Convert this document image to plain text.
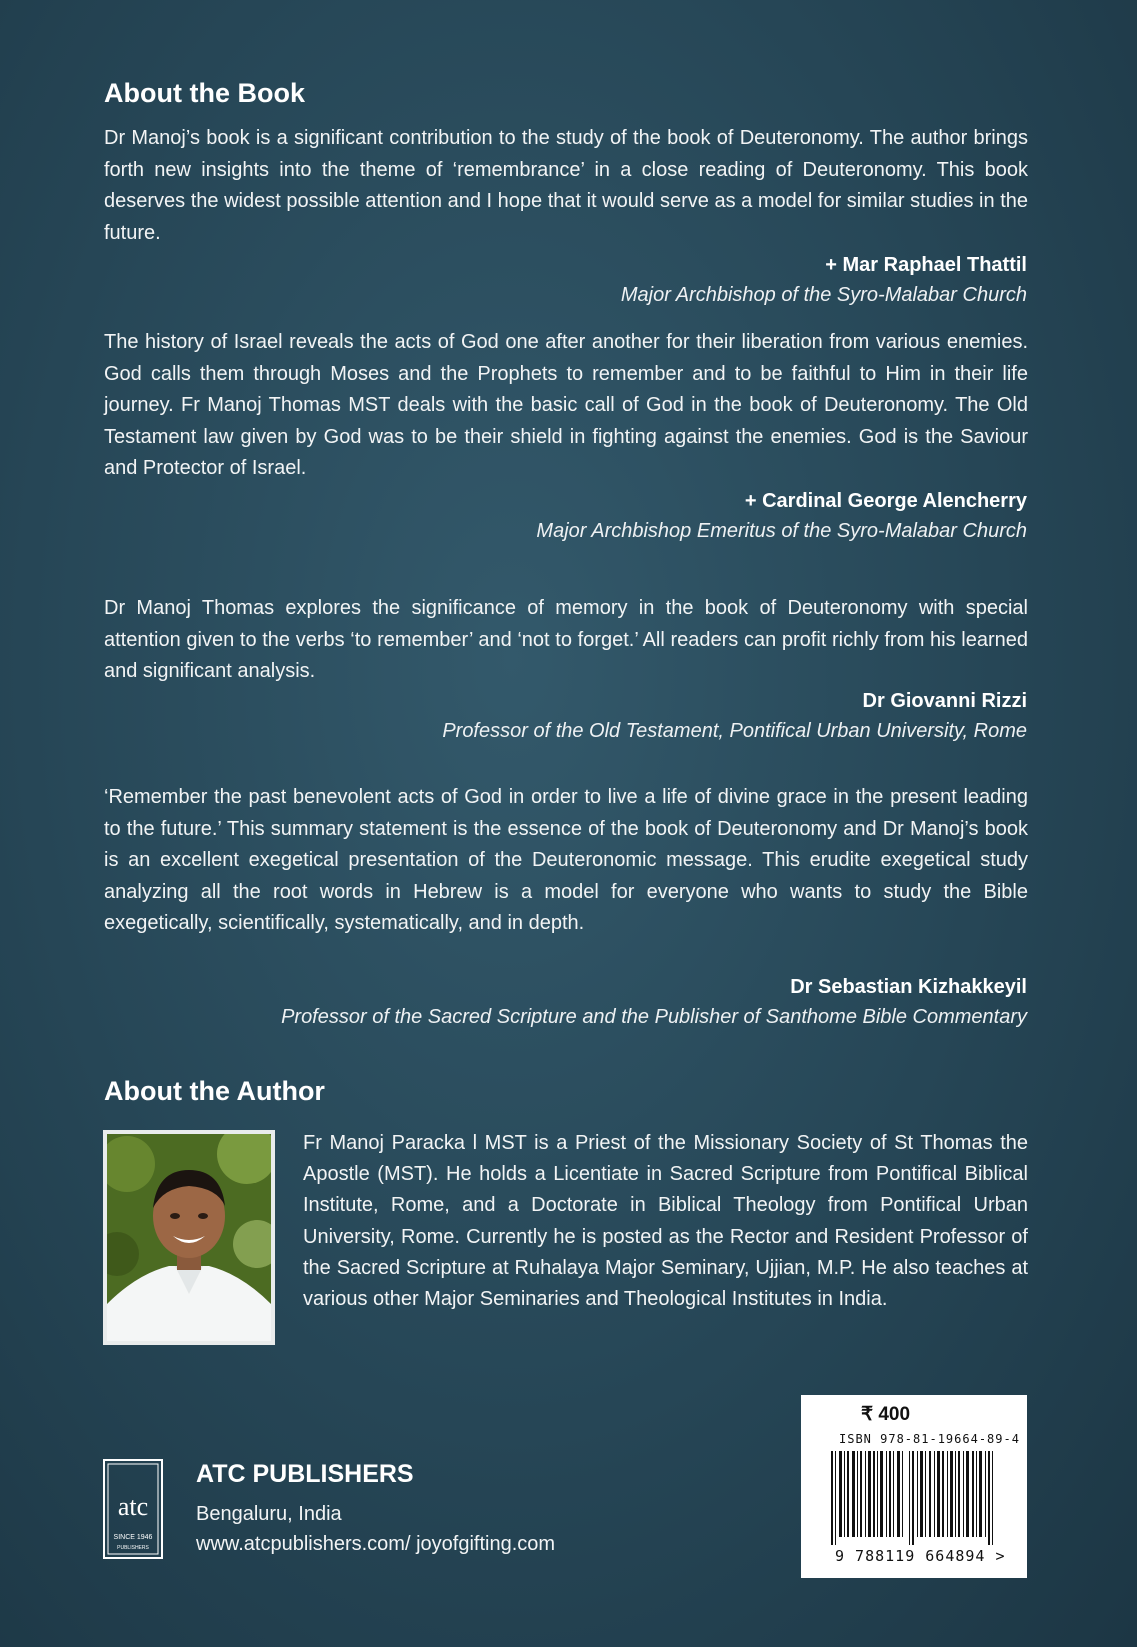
About the Book
Dr Manoj’s book is a significant contribution to the study of the book of Deuteronomy. The author brings forth new insights into the theme of ‘remembrance’ in a close reading of Deuteronomy. This book deserves the widest possible attention and I hope that it would serve as a model for similar studies in the future.
+ Mar Raphael Thattil
Major Archbishop of the Syro-Malabar Church
The history of Israel reveals the acts of God one after another for their liberation from various enemies. God calls them through Moses and the Prophets to remember and to be faithful to Him in their life journey. Fr Manoj Thomas MST deals with the basic call of God in the book of Deuteronomy. The Old Testament law given by God was to be their shield in fighting against the enemies. God is the Saviour and Protector of Israel.
+ Cardinal George Alencherry
Major Archbishop Emeritus of the Syro-Malabar Church
Dr Manoj Thomas explores the significance of memory in the book of Deuteronomy with special attention given to the verbs ‘to remember’ and ‘not to forget.’ All readers can profit richly from his learned and significant analysis.
Dr Giovanni Rizzi
Professor of the Old Testament, Pontifical Urban University, Rome
‘Remember the past benevolent acts of God in order to live a life of divine grace in the present leading to the future.’ This summary statement is the essence of the book of Deuteronomy and Dr Manoj’s book is an excellent exegetical presentation of the Deuteronomic message. This erudite exegetical study analyzing all the root words in Hebrew is a model for everyone who wants to study the Bible exegetically, scientifically, systematically, and in depth.
Dr Sebastian Kizhakkeyil
Professor of the Sacred Scripture and the Publisher of Santhome Bible Commentary
About the Author
Fr Manoj Paracka l MST is a Priest of the Missionary Society of St Thomas the Apostle (MST). He holds a Licentiate in Sacred Scripture from Pontifical Biblical Institute, Rome, and a Doctorate in Biblical Theology from Pontifical Urban University, Rome. Currently he is posted as the Rector and Resident Professor of the Sacred Scripture at Ruhalaya Major Seminary, Ujjian, M.P. He also teaches at various other Major Seminaries and Theological Institutes in India.
₹ 400
ISBN 978-81-19664-89-4
9 788119 664894 >
atc
SINCE 1946
PUBLISHERS
ATC PUBLISHERS
Bengaluru, India
www.atcpublishers.com/ joyofgifting.com
